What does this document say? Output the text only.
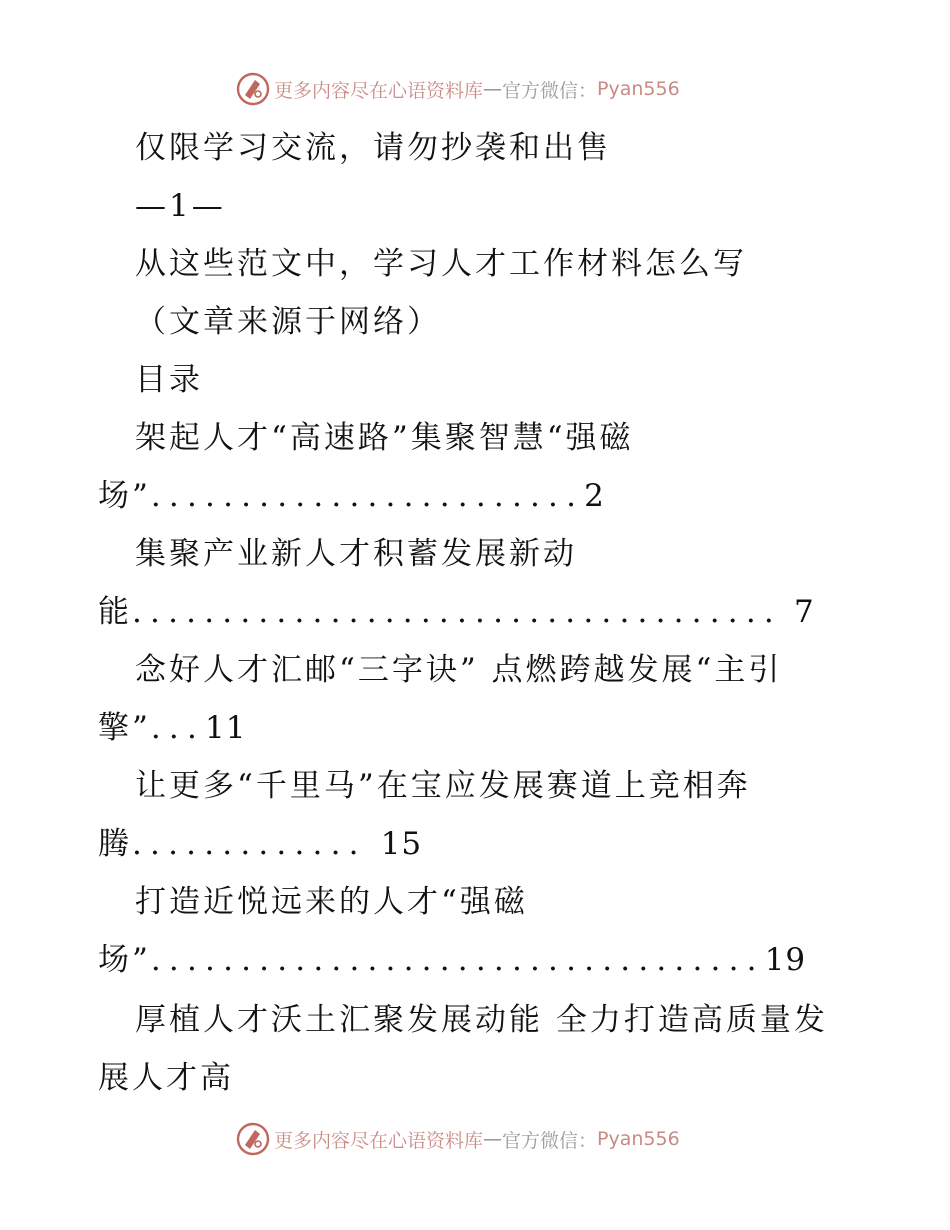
更多内容尽在心语资料库 — 官方微信： Pyan556
仅限学习交流，请勿抄袭和出售
—1—
从这些范文中，学习人才工作材料怎么写
（文章来源于网络）
目录
架起人才“高速路”集聚智慧“强磁
场” ........................ 2
集聚产业新人才积蓄发展新动
能 .................................... 7
念好人才汇邮“三字诀” 点燃跨越发展“主引
擎” ... 11
让更多“千里马”在宝应发展赛道上竞相奔
腾 ............. 15
打造近悦远来的人才“强磁
场” .................................. 19
厚植人才沃土汇聚发展动能 全力打造高质量发
展人才高
更多内容尽在心语资料库 — 官方微信： Pyan556
